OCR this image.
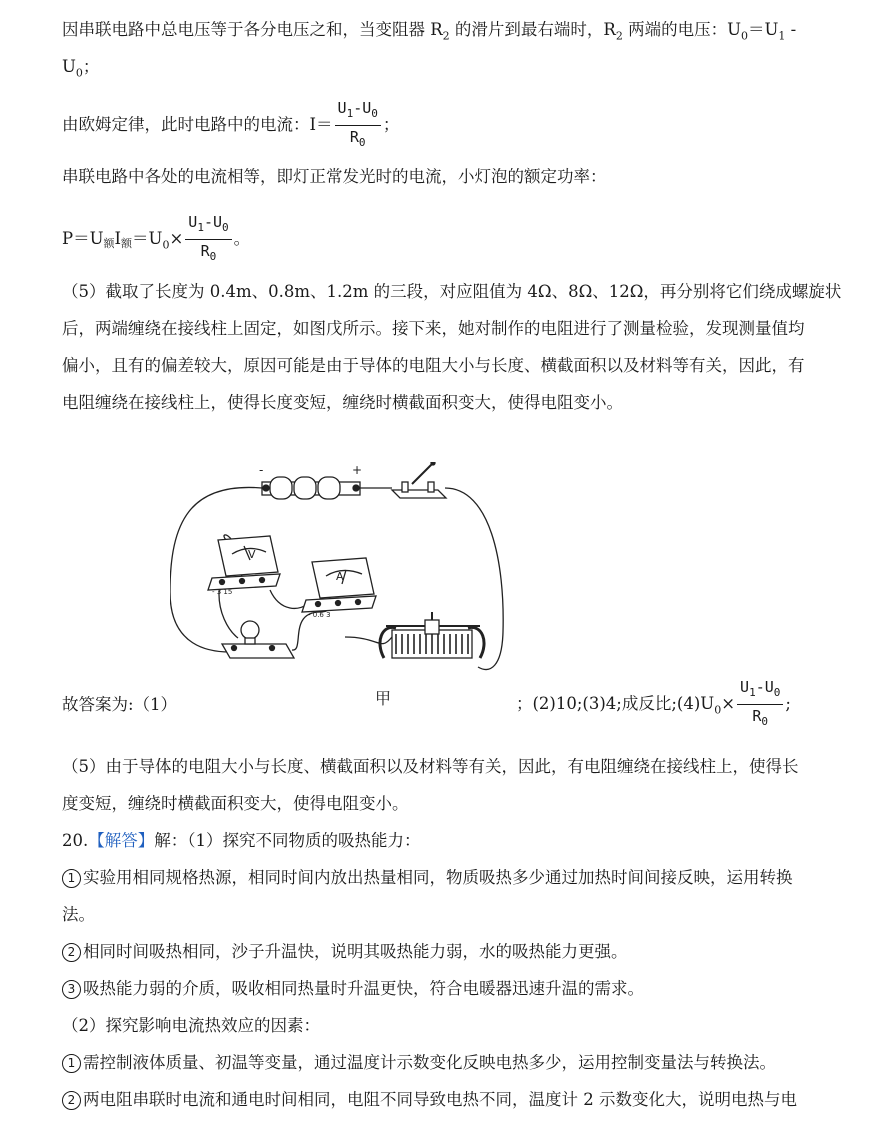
因串联电路中总电压等于各分电压之和，当变阻器 $R_2$ 的滑片到最右端时，$R_2$ 两端的电压：$U_0=U_1$ -
$U_0$；
由欧姆定律，此时电路中的电流：$I= \frac{U_1-U_0}{R_0}$ ；
串联电路中各处的电流相等，即灯正常发光时的电流，小灯泡的额定功率：
P＝U额I额$=U_0\times \frac{U_1-U_0}{R_0}$ 。
（5）截取了长度为 0.4m、0.8m、1.2m 的三段，对应阻值为 4Ω、8Ω、12Ω，再分别将它们绕成螺旋状
后，两端缠绕在接线柱上固定，如图戊所示。接下来，她对制作的电阻进行了测量检验，发现测量值均
偏小，且有的偏差较大，原因可能是由于导体的电阻大小与长度、横截面积以及材料等有关，因此，有
电阻缠绕在接线柱上，使得长度变短，缠绕时横截面积变大，使得电阻变小。
-	+
V
- 3 15
A
- 0.6 3
甲
故答案为:（1）	；(2)10;(3)4;成反比$;(4)U_0\times \frac{U_1-U_0}{R_0}$ ;
（5）由于导体的电阻大小与长度、横截面积以及材料等有关，因此，有电阻缠绕在接线柱上，使得长
度变短，缠绕时横截面积变大，使得电阻变小。
20.【解答】解：（1）探究不同物质的吸热能力：
1 实验用相同规格热源，相同时间内放出热量相同，物质吸热多少通过加热时间间接反映，运用转换
法。
2 相同时间吸热相同，沙子升温快，说明其吸热能力弱，水的吸热能力更强。
3 吸热能力弱的介质，吸收相同热量时升温更快，符合电暖器迅速升温的需求。
（2）探究影响电流热效应的因素：
1 需控制液体质量、初温等变量，通过温度计示数变化反映电热多少，运用控制变量法与转换法。
2 两电阻串联时电流和通电时间相同，电阻不同导致电热不同，温度计 2 示数变化大，说明电热与电
